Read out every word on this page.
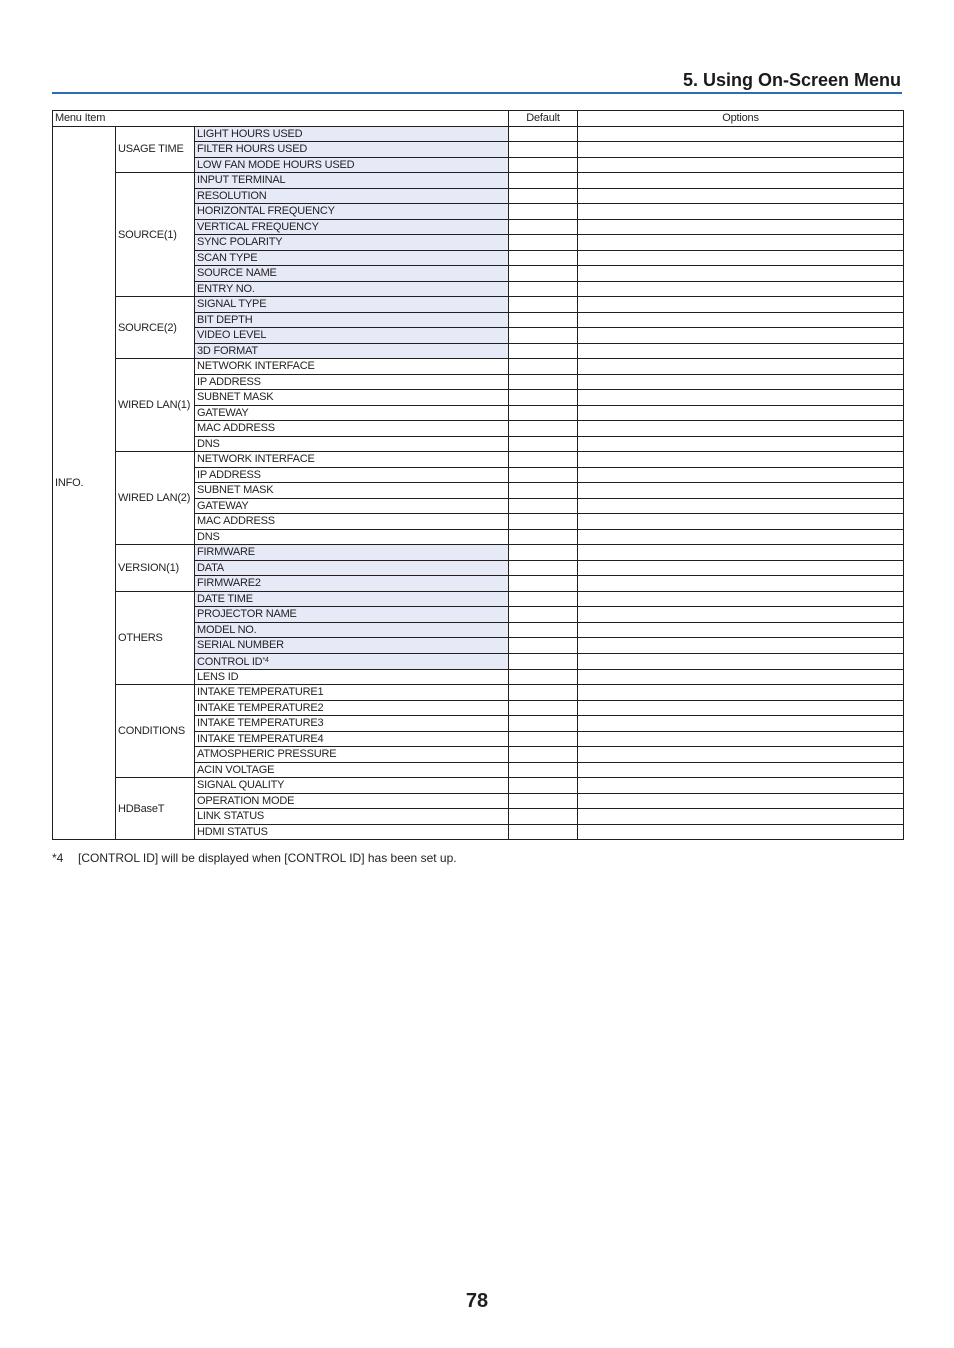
5. Using On-Screen Menu
Menu Item			Default	Options
INFO.	USAGE TIME	LIGHT HOURS USED		
		FILTER HOURS USED		
		LOW FAN MODE HOURS USED		
	SOURCE(1)	INPUT TERMINAL		
		RESOLUTION		
		HORIZONTAL FREQUENCY		
		VERTICAL FREQUENCY		
		SYNC POLARITY		
		SCAN TYPE		
		SOURCE NAME		
		ENTRY NO.		
	SOURCE(2)	SIGNAL TYPE		
		BIT DEPTH		
		VIDEO LEVEL		
		3D FORMAT		
	WIRED LAN(1)	NETWORK INTERFACE		
		IP ADDRESS		
		SUBNET MASK		
		GATEWAY		
		MAC ADDRESS		
		DNS		
	WIRED LAN(2)	NETWORK INTERFACE		
		IP ADDRESS		
		SUBNET MASK		
		GATEWAY		
		MAC ADDRESS		
		DNS		
	VERSION(1)	FIRMWARE		
		DATA		
		FIRMWARE2		
	OTHERS	DATE TIME		
		PROJECTOR NAME		
		MODEL NO.		
		SERIAL NUMBER		
		CONTROL ID$^{*4}$		
		LENS ID		
	CONDITIONS	INTAKE TEMPERATURE1		
		INTAKE TEMPERATURE2		
		INTAKE TEMPERATURE3		
		INTAKE TEMPERATURE4		
		ATMOSPHERIC PRESSURE		
		ACIN VOLTAGE		
	HDBaseT	SIGNAL QUALITY		
		OPERATION MODE		
		LINK STATUS		
		HDMI STATUS		
*4 [CONTROL ID] will be displayed when [CONTROL ID] has been set up.
78
